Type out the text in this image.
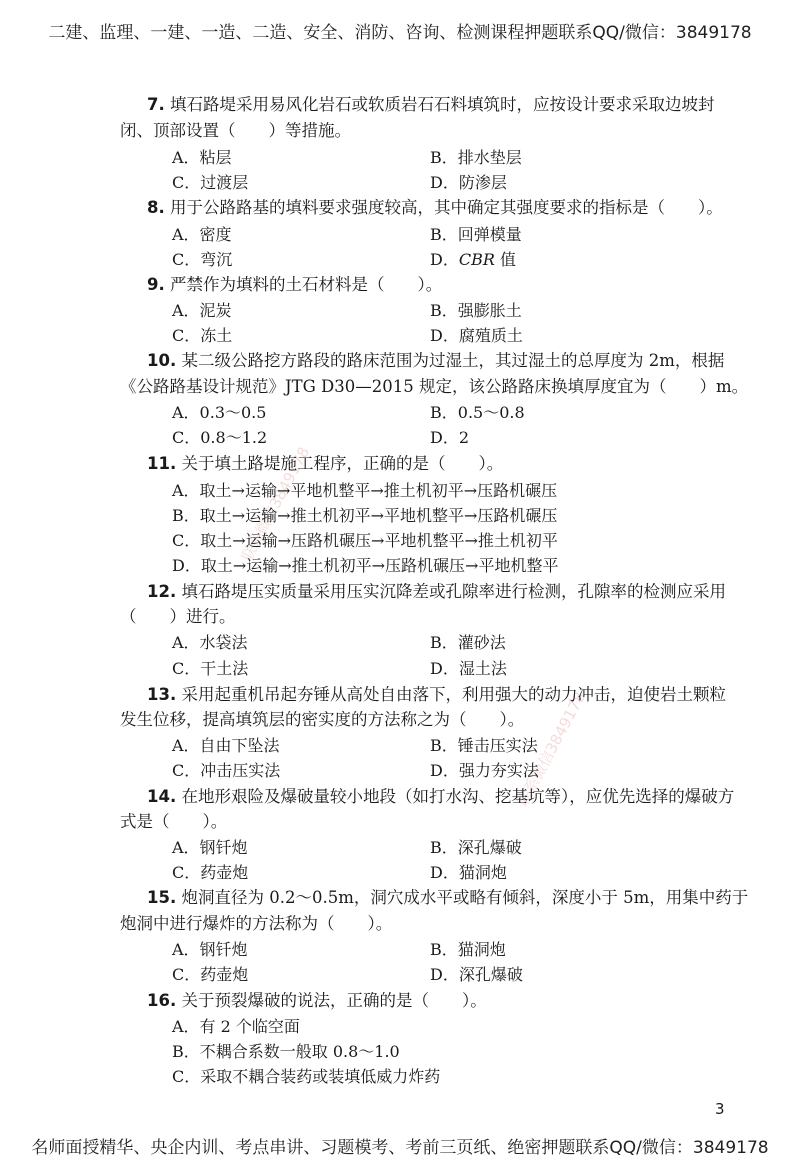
二建、监理、一建、一造、二造、安全、消防、咨询、检测课程押题联系QQ/微信：3849178
联系微信3849178
联系微信3849178
7. 填石路堤采用易风化岩石或软质岩石石料填筑时，应按设计要求采取边坡封
闭、顶部设置（　　）等措施。
A．粘层	B．排水垫层
C．过渡层	D．防渗层
8. 用于公路路基的填料要求强度较高，其中确定其强度要求的指标是（　　）。
A．密度	B．回弹模量
C．弯沉	D．CBR 值
9. 严禁作为填料的土石材料是（　　）。
A．泥炭	B．强膨胀土
C．冻土	D．腐殖质土
10. 某二级公路挖方路段的路床范围为过湿土，其过湿土的总厚度为 2m，根据
《公路路基设计规范》JTG D30—2015 规定，该公路路床换填厚度宜为（　　）m。
A．0.3～0.5	B．0.5～0.8
C．0.8～1.2	D．2
11. 关于填土路堤施工程序，正确的是（　　）。
A．取土→运输→平地机整平→推土机初平→压路机碾压
B．取土→运输→推土机初平→平地机整平→压路机碾压
C．取土→运输→压路机碾压→平地机整平→推土机初平
D．取土→运输→推土机初平→压路机碾压→平地机整平
12. 填石路堤压实质量采用压实沉降差或孔隙率进行检测，孔隙率的检测应采用
（　　）进行。
A．水袋法	B．灌砂法
C．干土法	D．湿土法
13. 采用起重机吊起夯锤从高处自由落下，利用强大的动力冲击，迫使岩土颗粒
发生位移，提高填筑层的密实度的方法称之为（　　）。
A．自由下坠法	B．锤击压实法
C．冲击压实法	D．强力夯实法
14. 在地形艰险及爆破量较小地段（如打水沟、挖基坑等），应优先选择的爆破方
式是（　　）。
A．钢钎炮	B．深孔爆破
C．药壶炮	D．猫洞炮
15. 炮洞直径为 0.2～0.5m，洞穴成水平或略有倾斜，深度小于 5m，用集中药于
炮洞中进行爆炸的方法称为（　　）。
A．钢钎炮	B．猫洞炮
C．药壶炮	D．深孔爆破
16. 关于预裂爆破的说法，正确的是（　　）。
A．有 2 个临空面
B．不耦合系数一般取 0.8～1.0
C．采取不耦合装药或装填低威力炸药
3
名师面授精华、央企内训、考点串讲、习题模考、考前三页纸、绝密押题联系QQ/微信：3849178
